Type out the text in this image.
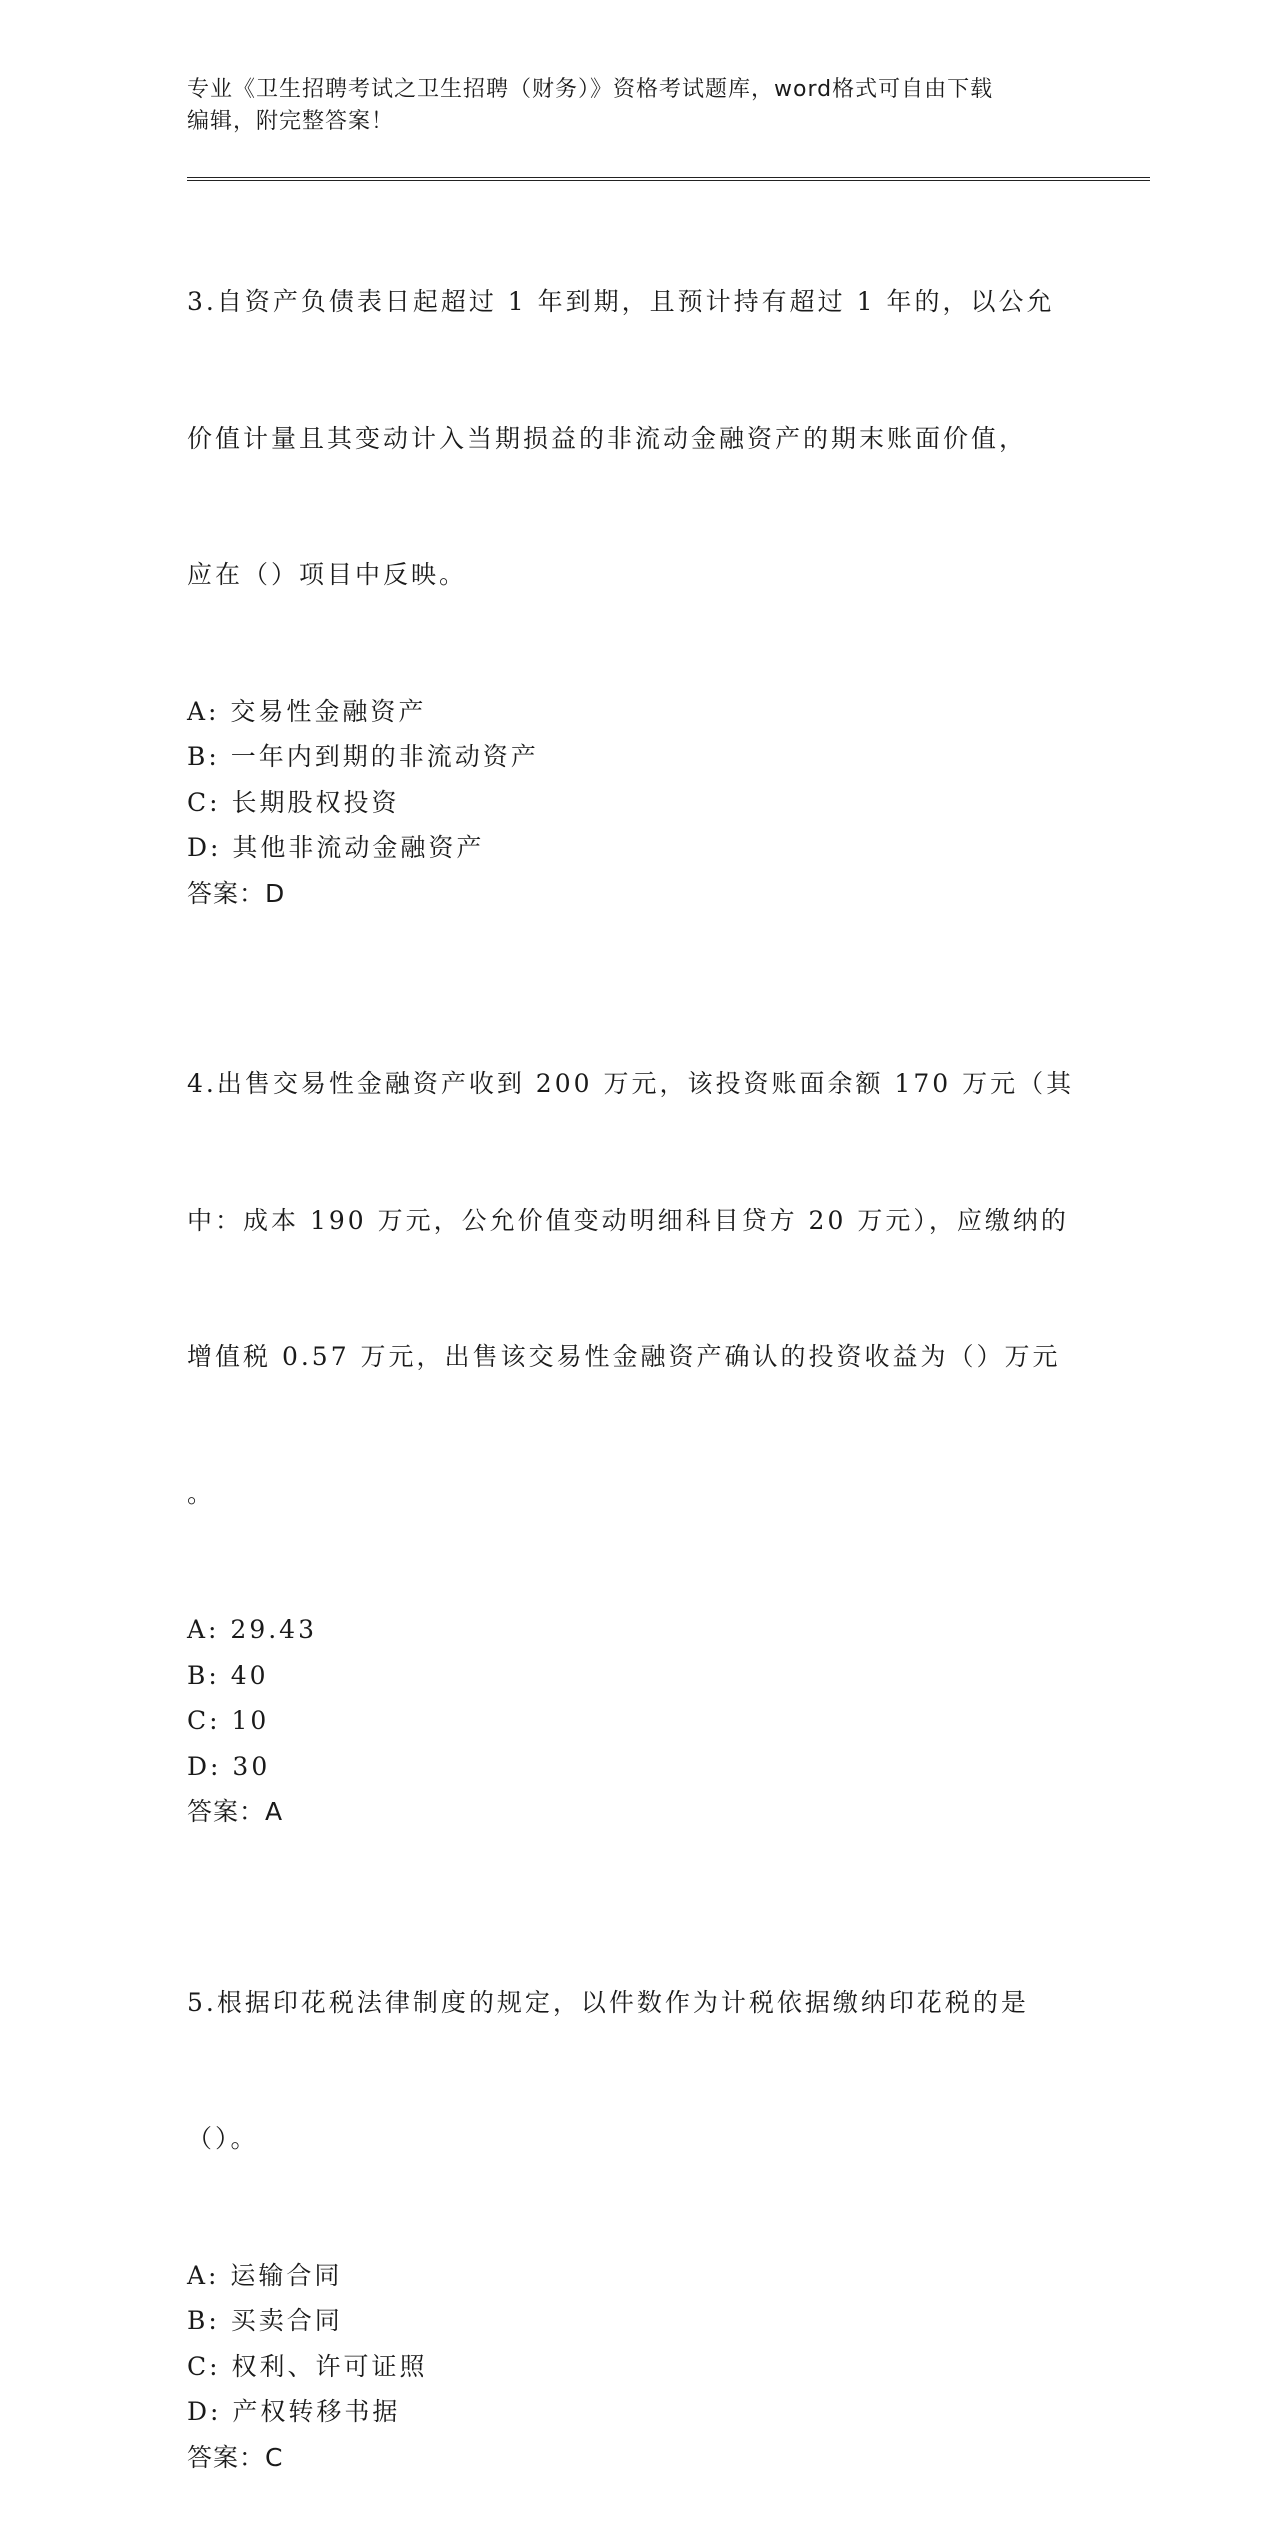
专业《卫生招聘考试之卫生招聘（财务）》资格考试题库，word格式可自由下载
编辑，附完整答案！

3.自资产负债表日起超过 1 年到期，且预计持有超过 1 年的，以公允

价值计量且其变动计入当期损益的非流动金融资产的期末账面价值，

应在（）项目中反映。

A: 交易性金融资产
B: 一年内到期的非流动资产
C: 长期股权投资
D: 其他非流动金融资产
答案：D

4.出售交易性金融资产收到 200 万元，该投资账面余额 170 万元（其

中：成本 190 万元，公允价值变动明细科目贷方 20 万元），应缴纳的

增值税 0.57 万元，出售该交易性金融资产确认的投资收益为（）万元

。

A: 29.43
B: 40
C: 10
D: 30
答案：A

5.根据印花税法律制度的规定，以件数作为计税依据缴纳印花税的是

（）。

A: 运输合同
B: 买卖合同
C: 权利、许可证照
D: 产权转移书据
答案：C
